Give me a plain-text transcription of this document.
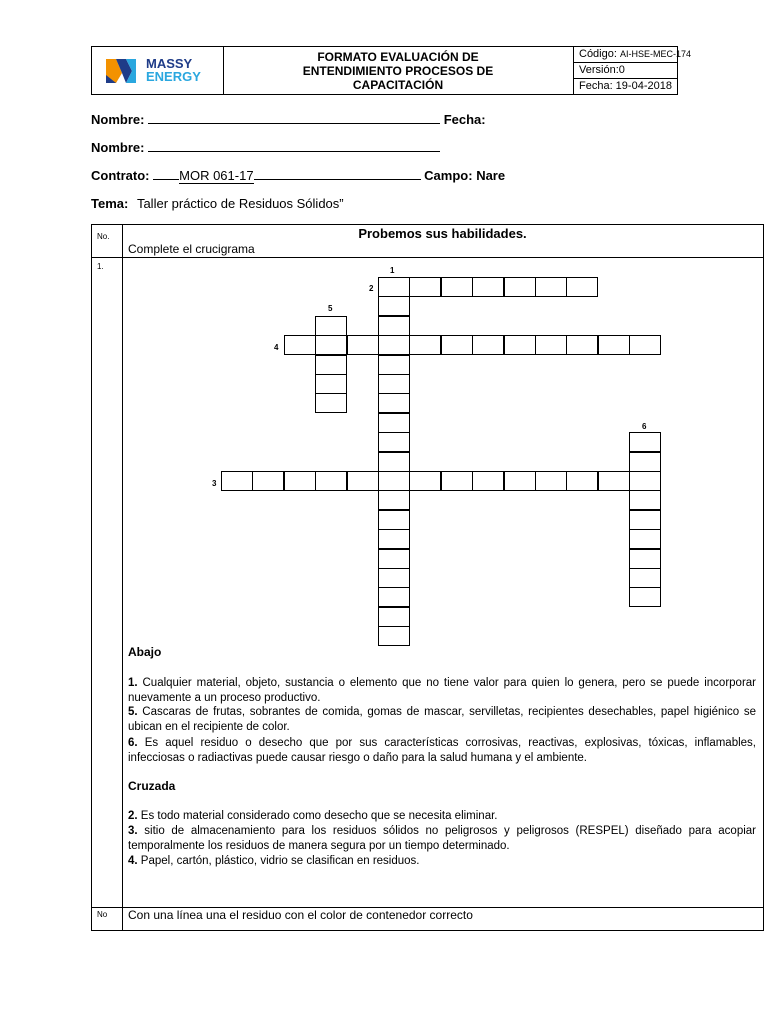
MASSY
ENERGY
FORMATO EVALUACIÓN DE
ENTENDIMIENTO PROCESOS DE
CAPACITACIÓN
Código: AI-HSE-MEC-174
Versión:0
Fecha: 19-04-2018
Nombre:	Fecha:
Nombre:
Contrato: MOR 061-17	Campo: Nare
Tema: Taller práctico de Residuos Sólidos”
No.	Probemos sus habilidades.
Complete el crucigrama
1.
No Con una línea una el residuo con el color de contenedor correcto
1
2
3
4
5
6
Abajo
1. Cualquier material, objeto, sustancia o elemento que no tiene valor para quien lo genera, pero se puede incorporar nuevamente a un proceso productivo.
5. Cascaras de frutas, sobrantes de comida, gomas de mascar, servilletas, recipientes desechables, papel higiénico se ubican en el recipiente de color.
6. Es aquel residuo o desecho que por sus características corrosivas, reactivas, explosivas, tóxicas, inflamables, infecciosas o radiactivas puede causar riesgo o daño para la salud humana y el ambiente.
Cruzada
2. Es todo material considerado como desecho que se necesita eliminar.
3. sitio de almacenamiento para los residuos sólidos no peligrosos y peligrosos (RESPEL) diseñado para acopiar temporalmente los residuos de manera segura por un tiempo determinado.
4. Papel, cartón, plástico, vidrio se clasifican en residuos.
